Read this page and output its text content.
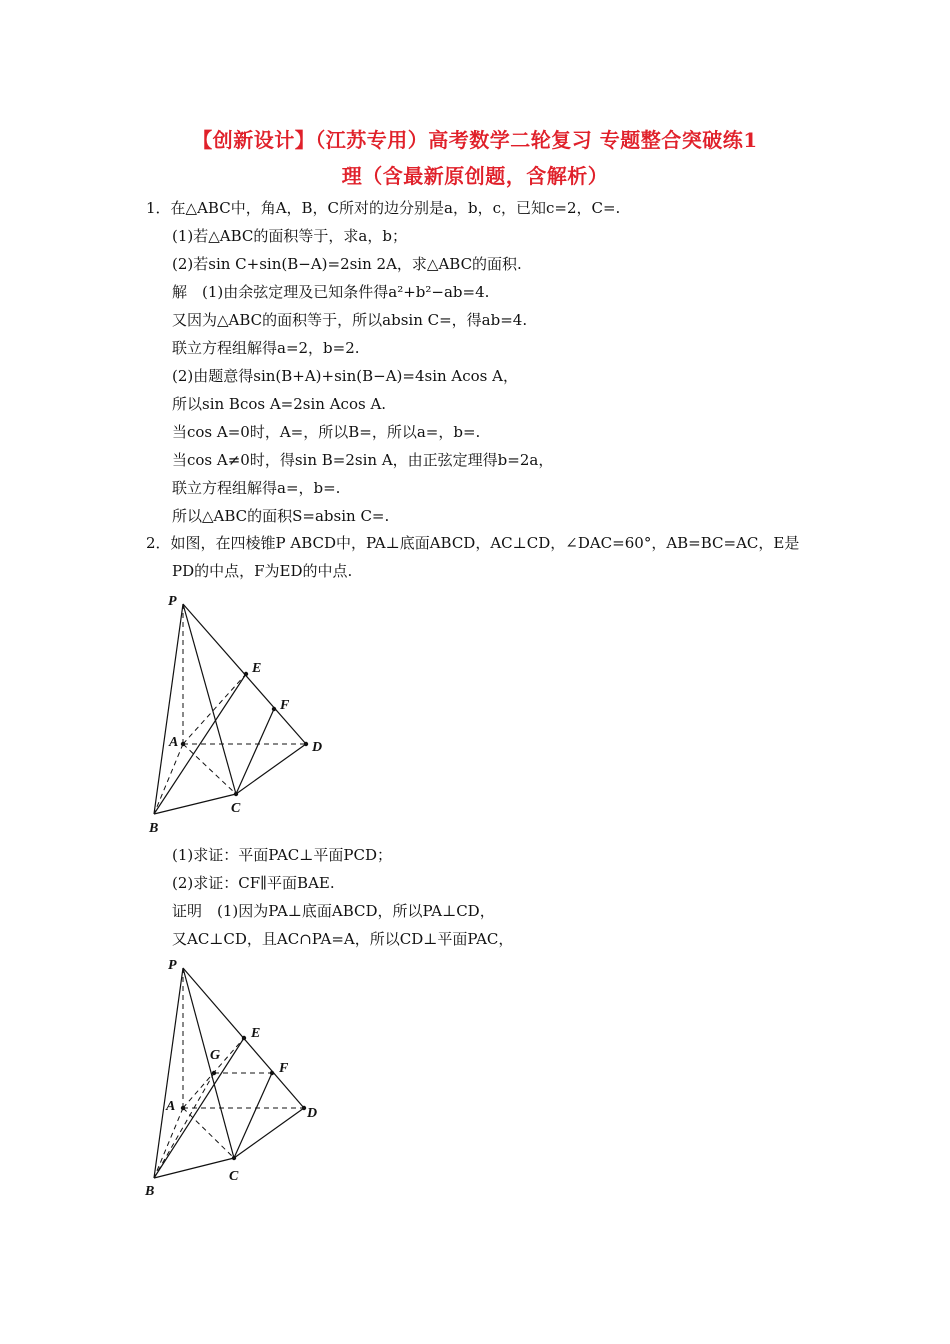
【创新设计】（江苏专用）高考数学二轮复习 专题整合突破练1
理（含最新原创题，含解析）
1．在△ABC中，角A，B，C所对的边分别是a，b，c，已知c=2，C=.
(1)若△ABC的面积等于，求a，b；
(2)若sin C+sin(B−A)=2sin 2A，求△ABC的面积.
解　(1)由余弦定理及已知条件得a²+b²−ab=4.
又因为△ABC的面积等于，所以absin C=，得ab=4.
联立方程组解得a=2，b=2.
(2)由题意得sin(B+A)+sin(B−A)=4sin Acos A，
所以sin Bcos A=2sin Acos A.
当cos A=0时，A=，所以B=，所以a=，b=.
当cos A≠0时，得sin B=2sin A，由正弦定理得b=2a，
联立方程组解得a=，b=.
所以△ABC的面积S=absin C=.
2．如图，在四棱锥P ABCD中，PA⊥底面ABCD，AC⊥CD，∠DAC=60°，AB=BC=AC，E是
PD的中点，F为ED的中点.
P
E
F
A	D
C
B
(1)求证：平面PAC⊥平面PCD；
(2)求证：CF∥平面BAE.
证明　(1)因为PA⊥底面ABCD，所以PA⊥CD，
又AC⊥CD，且AC∩PA=A，所以CD⊥平面PAC，
P
E
G
F
A	D
C
B
